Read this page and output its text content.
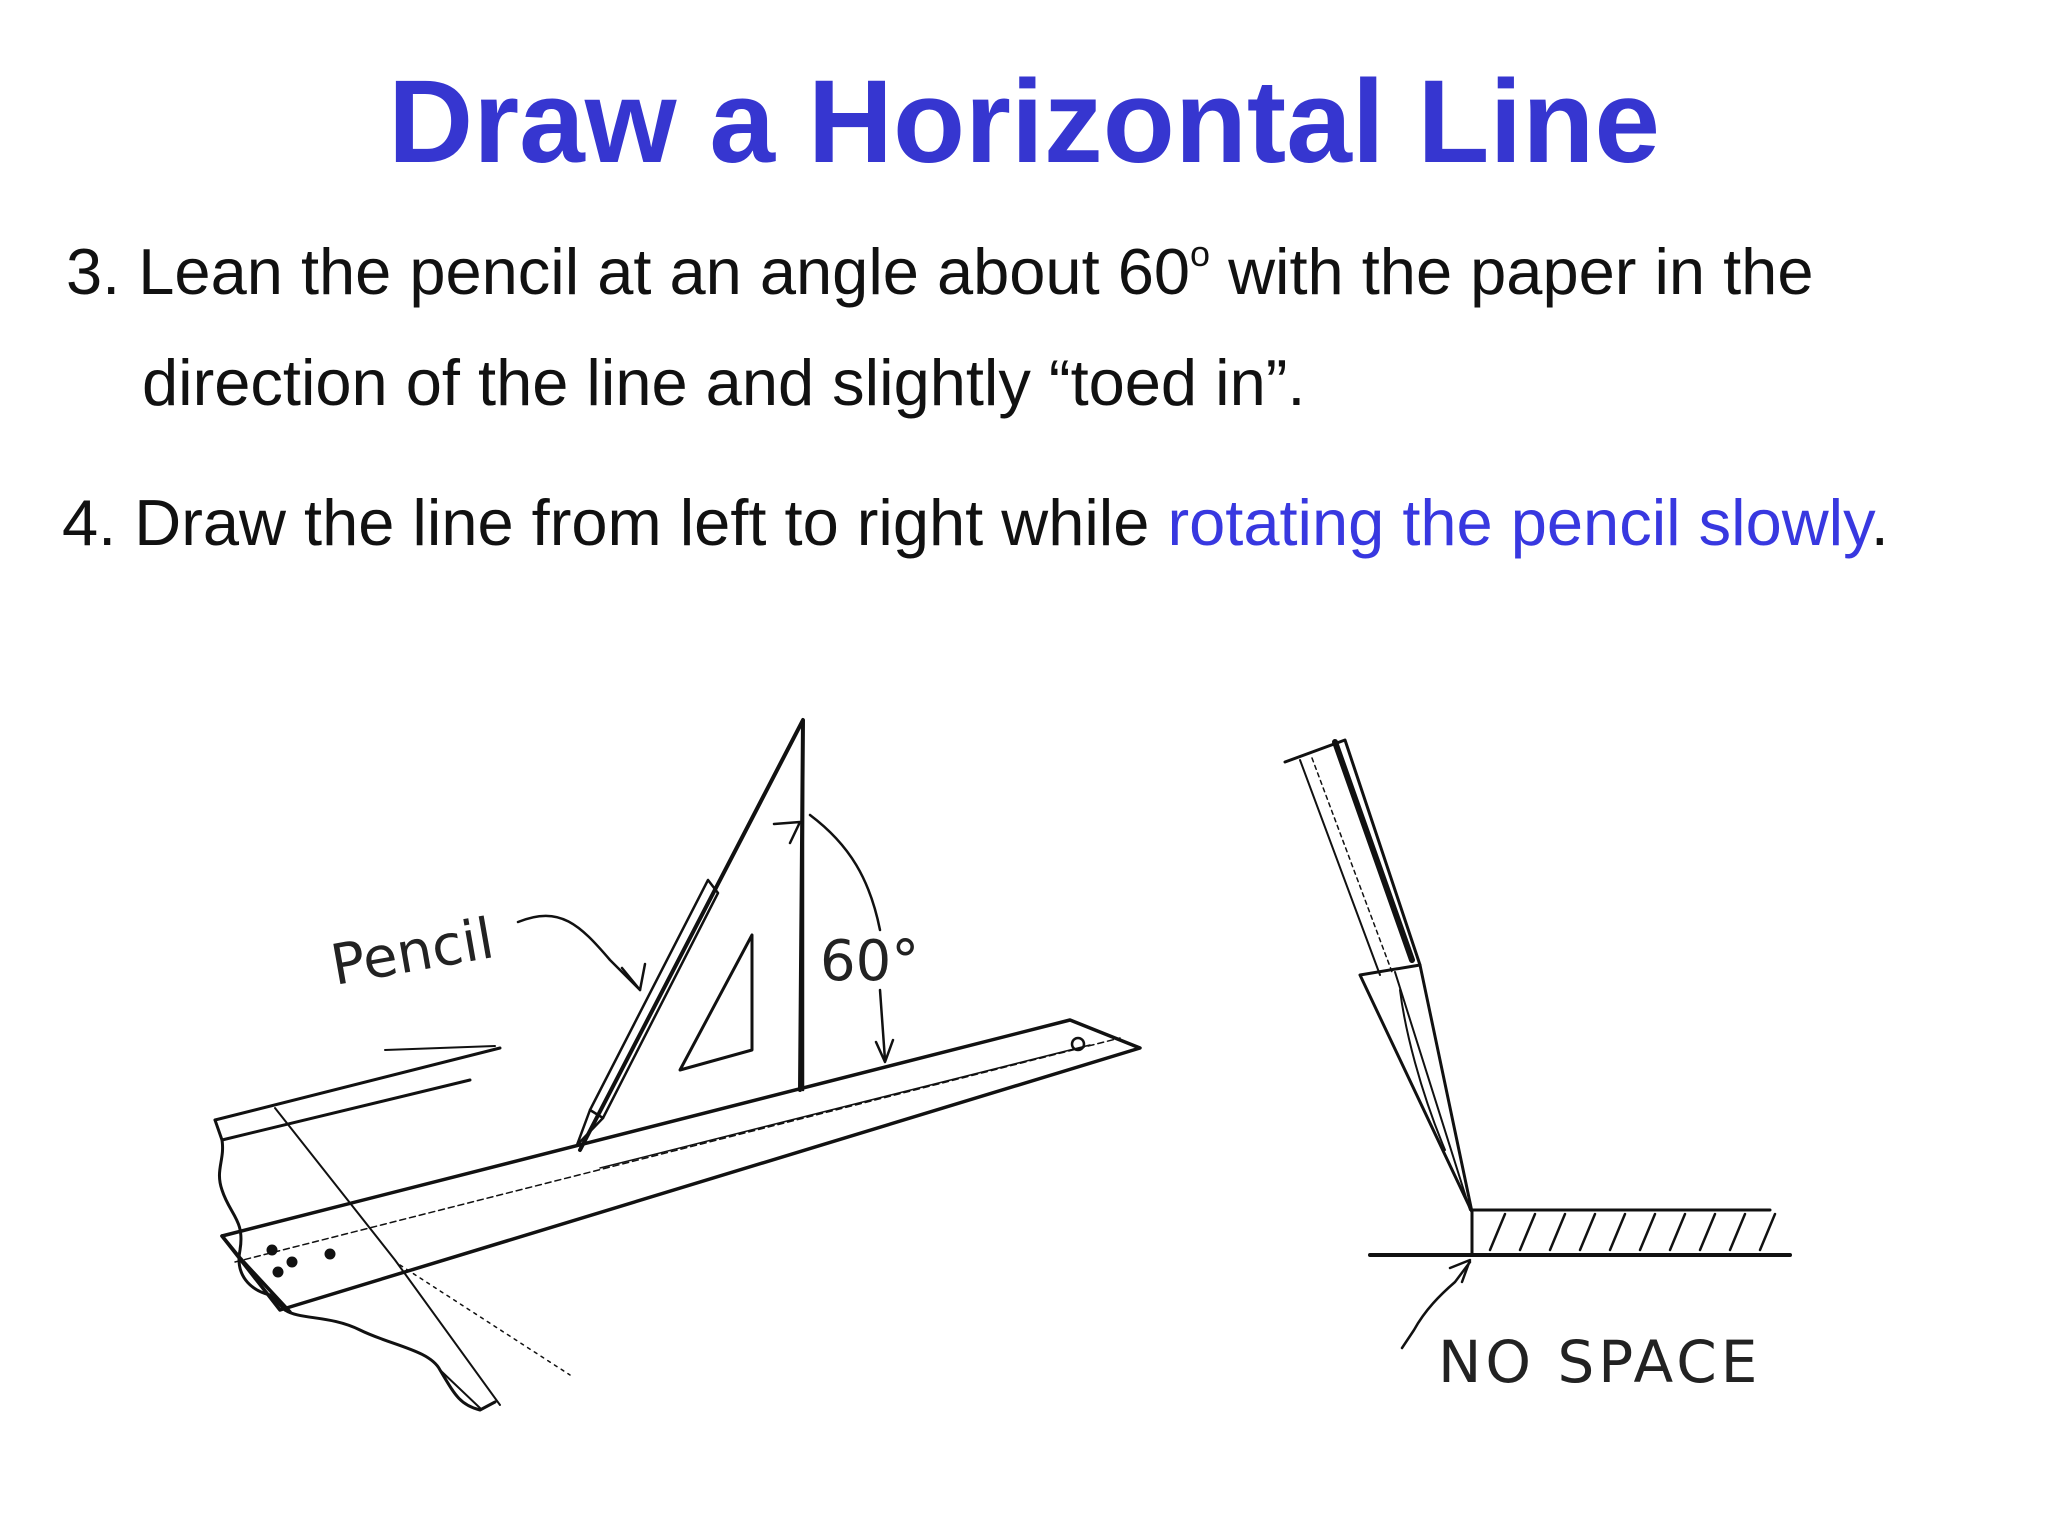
Draw a Horizontal Line
3. Lean the pencil at an angle about 60$^o$ with the paper in the
direction of the line and slightly “toed in”.
4. Draw the line from left to right while rotating the pencil slowly.
Pencil	60°
NO SPACE
